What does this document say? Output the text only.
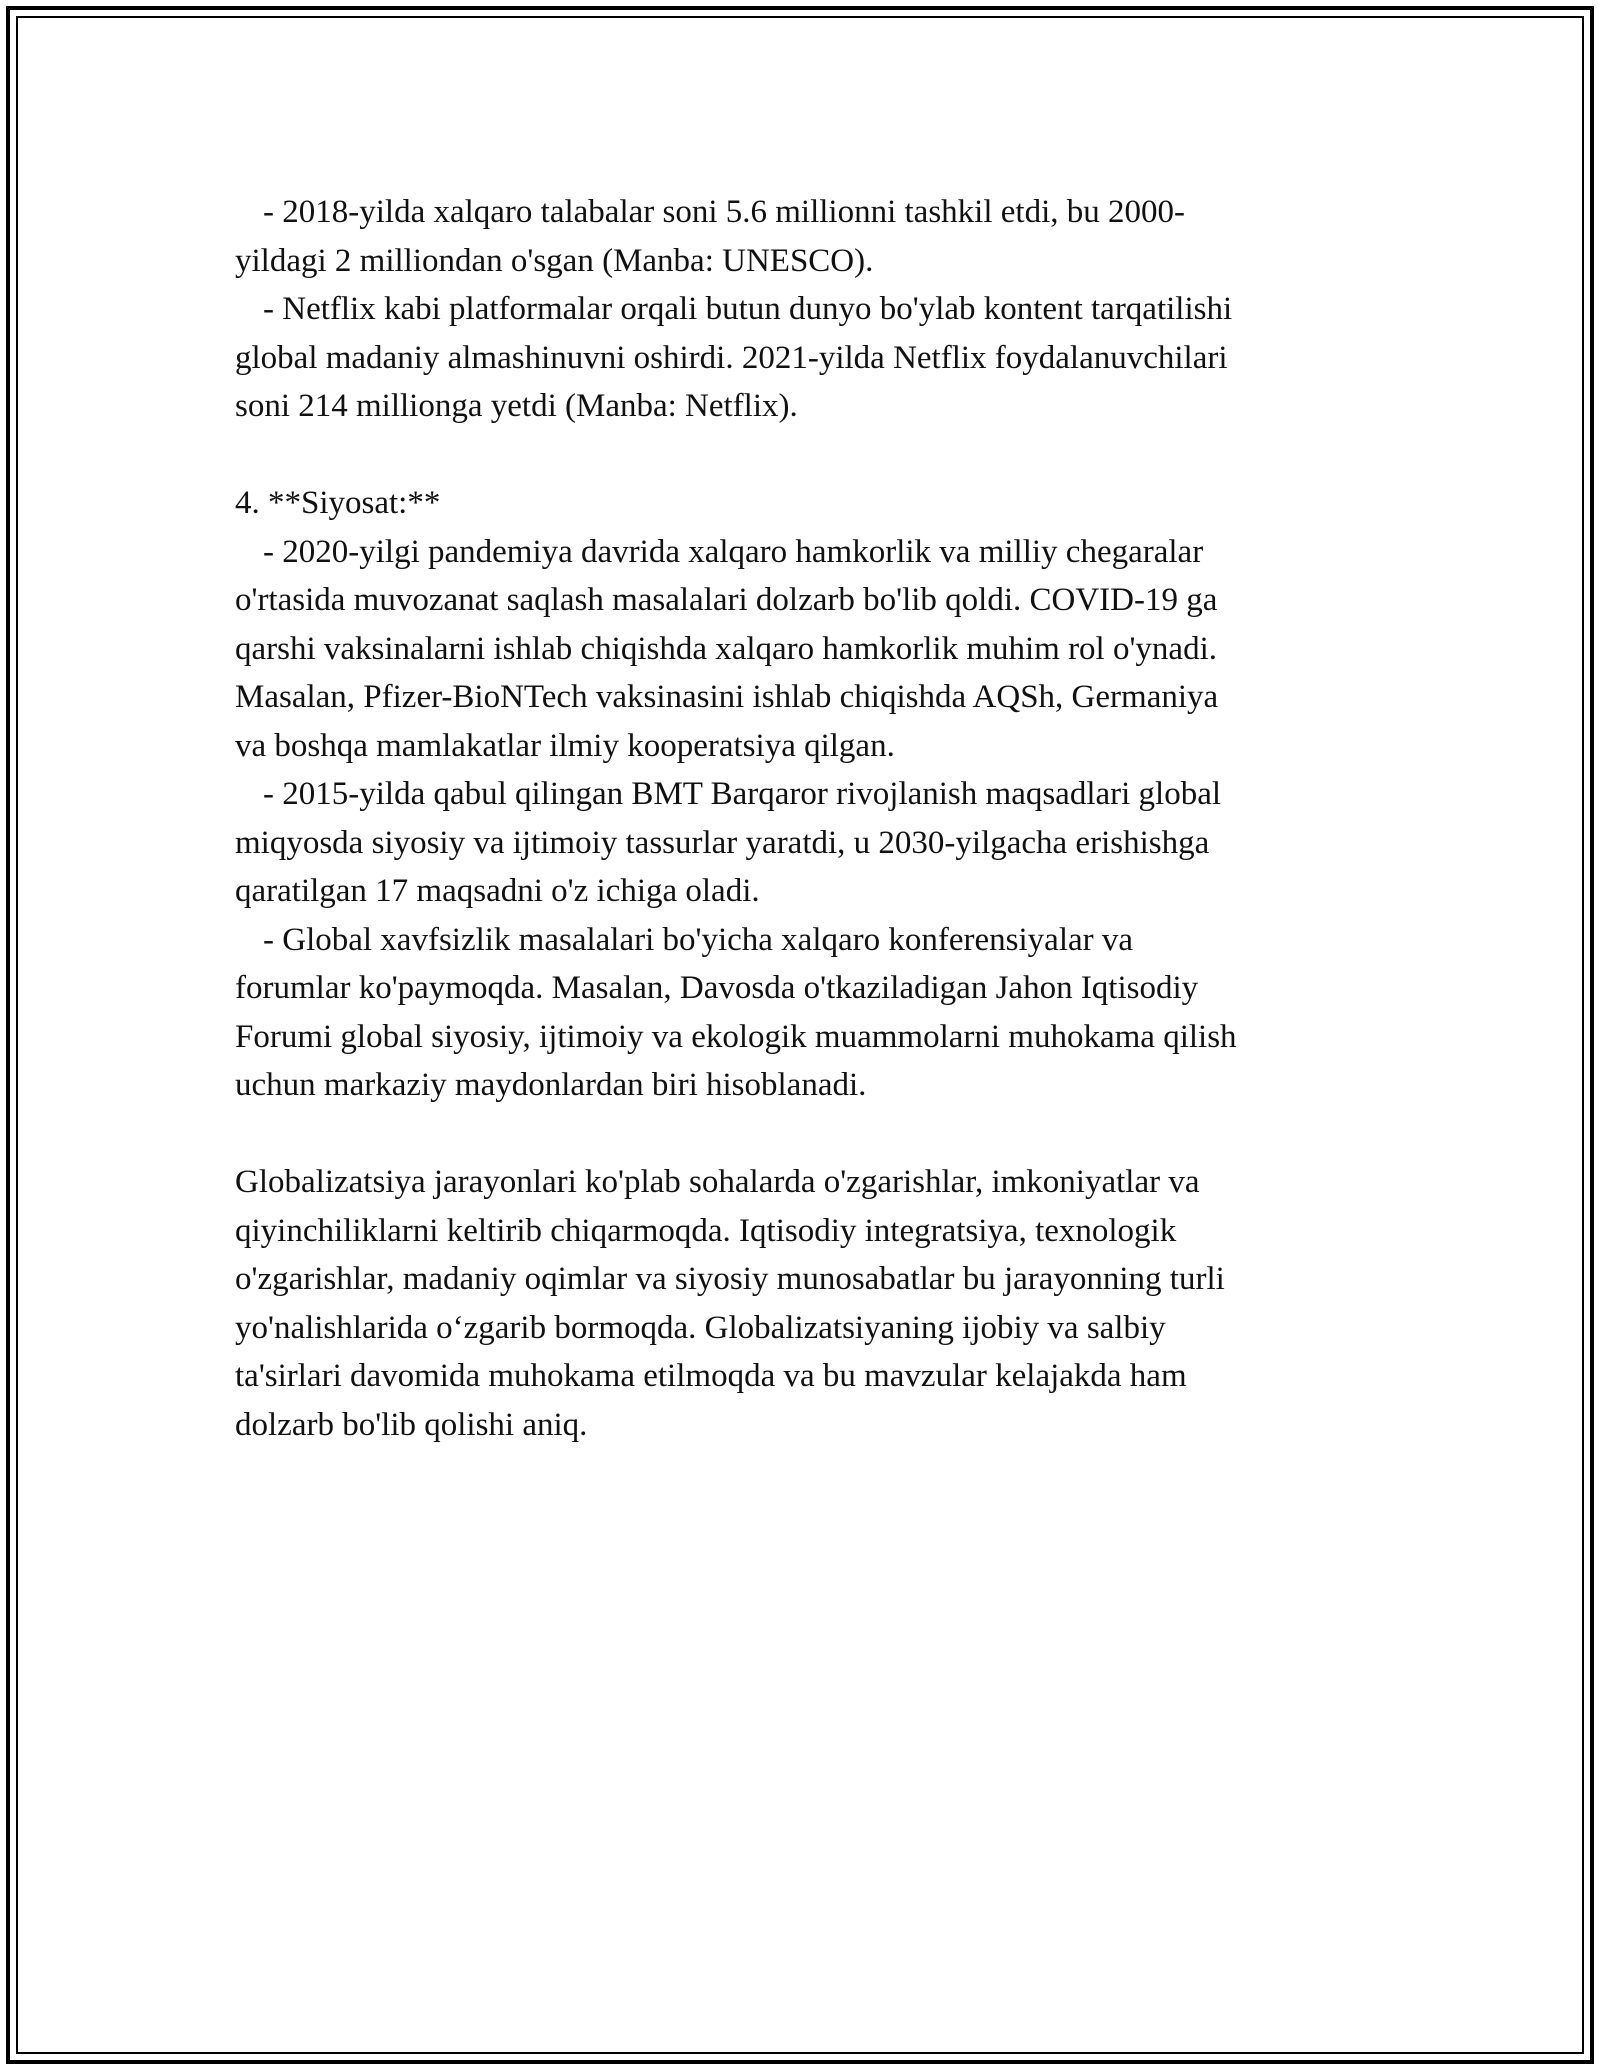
- 2018-yilda xalqaro talabalar soni 5.6 millionni tashkil etdi, bu 2000-
yildagi 2 milliondan o'sgan (Manba: UNESCO).
- Netflix kabi platformalar orqali butun dunyo bo'ylab kontent tarqatilishi
global madaniy almashinuvni oshirdi. 2021-yilda Netflix foydalanuvchilari
soni 214 millionga yetdi (Manba: Netflix).
4. **Siyosat:**
- 2020-yilgi pandemiya davrida xalqaro hamkorlik va milliy chegaralar
o'rtasida muvozanat saqlash masalalari dolzarb bo'lib qoldi. COVID-19 ga
qarshi vaksinalarni ishlab chiqishda xalqaro hamkorlik muhim rol o'ynadi.
Masalan, Pfizer-BioNTech vaksinasini ishlab chiqishda AQSh, Germaniya
va boshqa mamlakatlar ilmiy kooperatsiya qilgan.
- 2015-yilda qabul qilingan BMT Barqaror rivojlanish maqsadlari global
miqyosda siyosiy va ijtimoiy tassurlar yaratdi, u 2030-yilgacha erishishga
qaratilgan 17 maqsadni o'z ichiga oladi.
- Global xavfsizlik masalalari bo'yicha xalqaro konferensiyalar va
forumlar ko'paymoqda. Masalan, Davosda o'tkaziladigan Jahon Iqtisodiy
Forumi global siyosiy, ijtimoiy va ekologik muammolarni muhokama qilish
uchun markaziy maydonlardan biri hisoblanadi.
Globalizatsiya jarayonlari ko'plab sohalarda o'zgarishlar, imkoniyatlar va
qiyinchiliklarni keltirib chiqarmoqda. Iqtisodiy integratsiya, texnologik
o'zgarishlar, madaniy oqimlar va siyosiy munosabatlar bu jarayonning turli
yo'nalishlarida o‘zgarib bormoqda. Globalizatsiyaning ijobiy va salbiy
ta'sirlari davomida muhokama etilmoqda va bu mavzular kelajakda ham
dolzarb bo'lib qolishi aniq.
